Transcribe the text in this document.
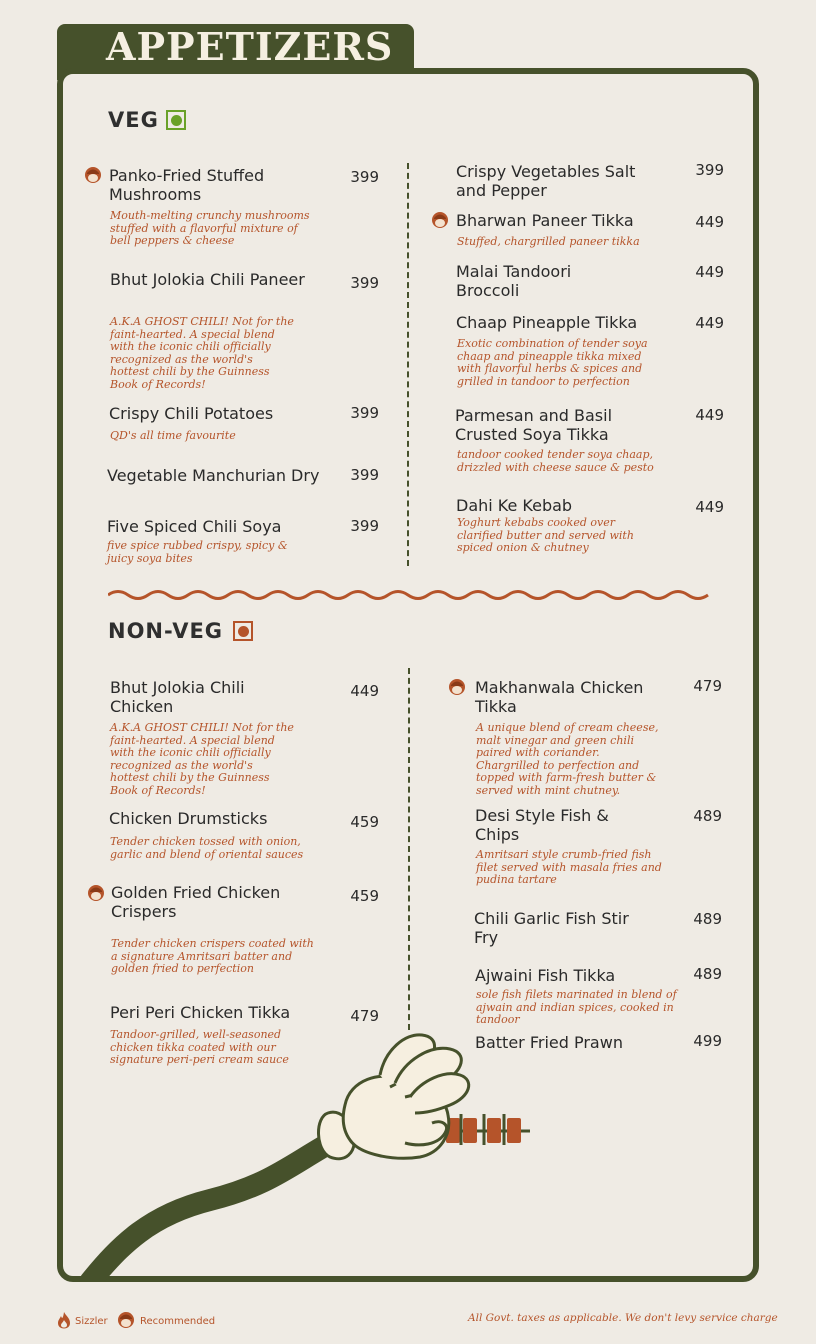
APPETIZERS
VEG
Panko-Fried Stuffed Mushrooms
399
Mouth-melting crunchy mushrooms stuffed with a flavorful mixture of bell peppers & cheese
Bhut Jolokia Chili Paneer	399
A.K.A GHOST CHILI! Not for the faint-hearted. A special blend with the iconic chili officially recognized as the world's hottest chili by the Guinness Book of Records!
Crispy Chili Potatoes	399
QD's all time favourite
Vegetable Manchurian Dry	399
Five Spiced Chili Soya	399
five spice rubbed crispy, spicy & juicy soya bites
Crispy Vegetables Salt and Pepper
399
Bharwan Paneer Tikka	449
Stuffed, chargrilled paneer tikka
Malai Tandoori Broccoli
449
Chaap Pineapple Tikka	449
Exotic combination of tender soya chaap and pineapple tikka mixed with flavorful herbs & spices and grilled in tandoor to perfection
Parmesan and Basil Crusted Soya Tikka
449
tandoor cooked tender soya chaap, drizzled with cheese sauce & pesto
Dahi Ke Kebab	449
Yoghurt kebabs cooked over clarified butter and served with spiced onion & chutney
NON-VEG
Bhut Jolokia Chili Chicken
449
A.K.A GHOST CHILI! Not for the faint-hearted. A special blend with the iconic chili officially recognized as the world's hottest chili by the Guinness Book of Records!
Chicken Drumsticks	459
Tender chicken tossed with onion, garlic and blend of oriental sauces
Golden Fried Chicken Crispers
459
Tender chicken crispers coated with a signature Amritsari batter and golden fried to perfection
Peri Peri Chicken Tikka	479
Tandoor-grilled, well-seasoned chicken tikka coated with our signature peri-peri cream sauce
Makhanwala Chicken Tikka
479
A unique blend of cream cheese, malt vinegar and green chili paired with coriander. Chargrilled to perfection and topped with farm-fresh butter & served with mint chutney.
Desi Style Fish & Chips
489
Amritsari style crumb-fried fish filet served with masala fries and pudina tartare
Chili Garlic Fish Stir Fry
489
Ajwaini Fish Tikka	489
sole fish filets marinated in blend of ajwain and indian spices, cooked in tandoor
Batter Fried Prawn	499
Sizzler	Recommended	All Govt. taxes as applicable. We don't levy service charge
